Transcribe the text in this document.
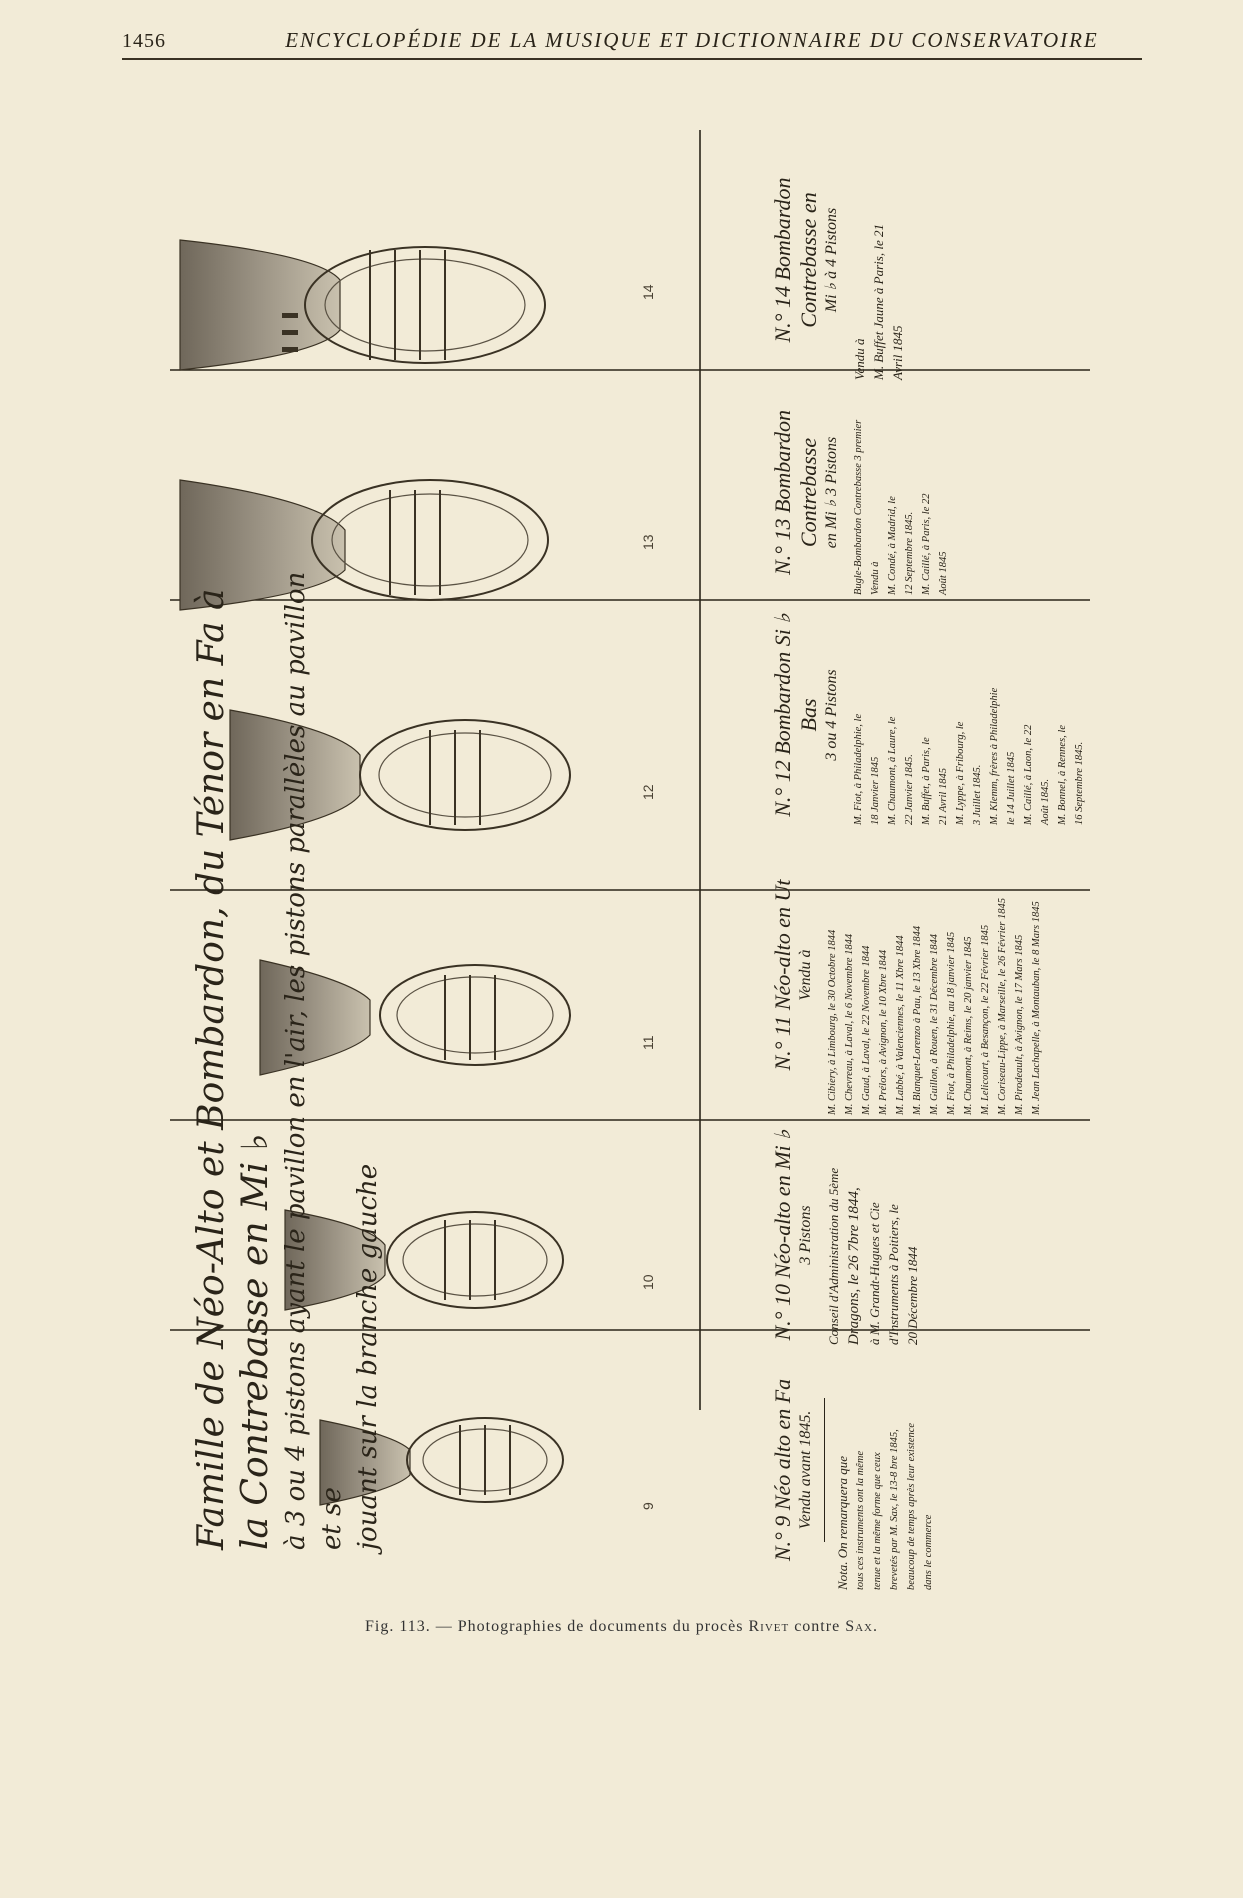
1456	ENCYCLOPÉDIE DE LA MUSIQUE ET DICTIONNAIRE DU CONSERVATOIRE
Famille de Néo-Alto et Bombardon, du Ténor en Fa à la Contrebasse en Mi ♭ à 3 ou 4 pistons ayant le pavillon en l'air, les pistons parallèles au pavillon et se jouant sur la branche gauche	9
10
11
12
13
14
N.° 9 Néo alto en Fa Vendu avant 1845. Nota. On remarquera que tous ces instruments ont la même tenue et la même forme que ceux brevetés par M. Sax, le 13-8 bre 1845, beaucoup de temps après leur existence dans le commerce
N.° 10 Néo-alto en Mi ♭ 3 Pistons Conseil d'Administration du 5ème Dragons, le 26 7bre 1844, à M. Grandt-Hugues et Cie d'Instruments à Poitiers, le 20 Décembre 1844
N.° 11 Néo-alto en Ut Vendu à M. Cibiery, à Limbourg, le 30 Octobre 1844 M. Chevreau, à Laval, le 6 Novembre 1844 M. Gaud, à Laval, le 22 Novembre 1844 M. Prélors, à Avignon, le 10 Xbre 1844 M. Labbé, à Valenciennes, le 11 Xbre 1844 M. Blanquet-Lorenzo à Pau, le 13 Xbre 1844 M. Guillon, à Rouen, le 31 Décembre 1844 M. Fiot, à Philadelphie, au 18 janvier 1845 M. Chaumont, à Reims, le 20 janvier 1845 M. Lelicourt, à Besançon, le 22 Février 1845 M. Coriseau-Lippe, à Marseille, le 26 Février 1845 M. Pirodeault, à Avignon, le 17 Mars 1845 M. Jean Lachapelle, à Montauban, le 8 Mars 1845
N.° 12 Bombardon Si ♭ Bas 3 ou 4 Pistons M. Fiot, à Philadelphie, le 18 Janvier 1845 M. Chaumont, à Laure, le 22 Janvier 1845. M. Buffet, à Paris, le 21 Avril 1845 M. Lyppe, à Fribourg, le 3 Juillet 1845. M. Klemm, frères à Philadelphie le 14 Juillet 1845 M. Caillé, à Laon, le 22 Août 1845. M. Bonnel, à Rennes, le 16 Septembre 1845.
N.° 13 Bombardon Contrebasse en Mi ♭ 3 Pistons Bugle-Bombardon Contrebasse 3 premier Vendu à M. Condé, à Madrid, le 12 Septembre 1845. M. Caillé, à Paris, le 22 Août 1845
N.° 14 Bombardon Contrebasse en Mi ♭ à 4 Pistons
Vendu à M. Buffet Jaune à Paris, le 21 Avril 1845
Fig. 113. — Photographies de documents du procès Rivet contre Sax.
